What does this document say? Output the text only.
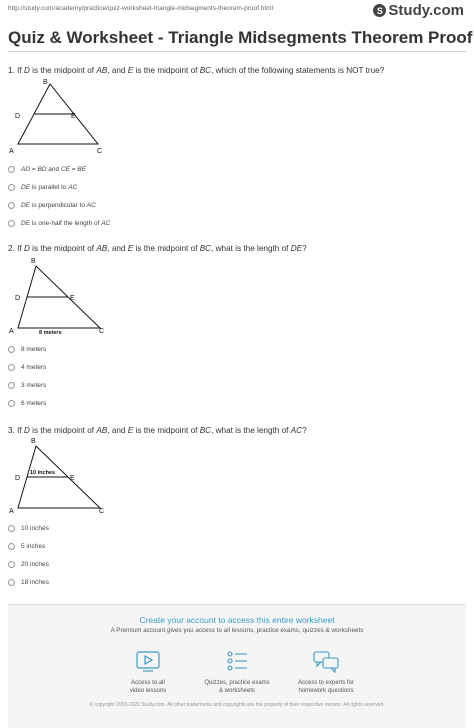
http://study.com/academy/practice/quiz-worksheet-triangle-midsegments-theorem-proof.html	S Study.com
Quiz & Worksheet - Triangle Midsegments Theorem Proof
1. If D is the midpoint of AB, and E is the midpoint of BC, which of the following statements is NOT true?
B
D	E
A	C
AD = BD and CE = BE
DE is parallel to AC
DE is perpendicular to AC
DE is one-half the length of AC
2. If D is the midpoint of AB, and E is the midpoint of BC, what is the length of DE?
B
D	E
A	C
8 meters
8 meters
4 meters
3 meters
6 meters
3. If D is the midpoint of AB, and E is the midpoint of BC, what is the length of AC?
B
D	E
A	C
10 inches
10 inches
5 inches
20 inches
18 inches
Create your account to access this entire worksheet
A Premium account gives you access to all lessons, practice exams, quizzes & worksheets
Access to all
video lessons
Quizzes, practice exams
& worksheets
Access to experts for
homework questions
© copyright 2003-2020 Study.com. All other trademarks and copyrights are the property of their respective owners. All rights reserved.
